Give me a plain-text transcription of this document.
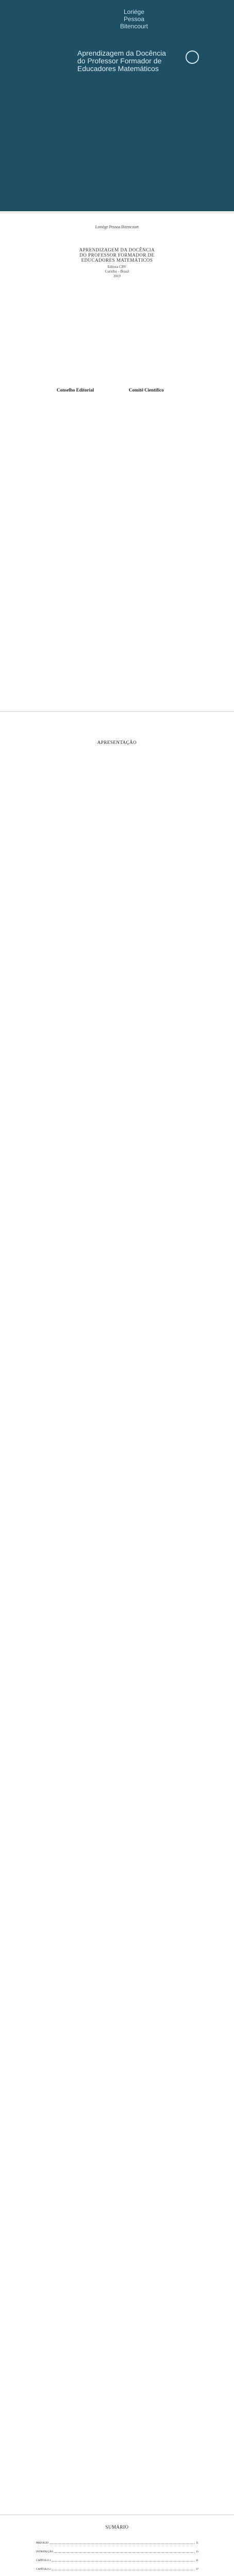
Loriége
Pessoa
Bitencourt
Aprendizagem da Docência do Professor Formador de Educadores Matemáticos
Loriége Pessoa Bitencourt
APRENDIZAGEM DA DOCÊNCIA
DO PROFESSOR FORMADOR DE
EDUCADORES MATEMÁTICOS
Editora CRV
Curitiba – Brasil
2019
Conselho Editorial	Comitê Científico
APRESENTAÇÃO
SUMÁRIO
PREFÁCIO	11
INTRODUÇÃO	15
CAPÍTULO 1	21
CAPÍTULO 2	37
